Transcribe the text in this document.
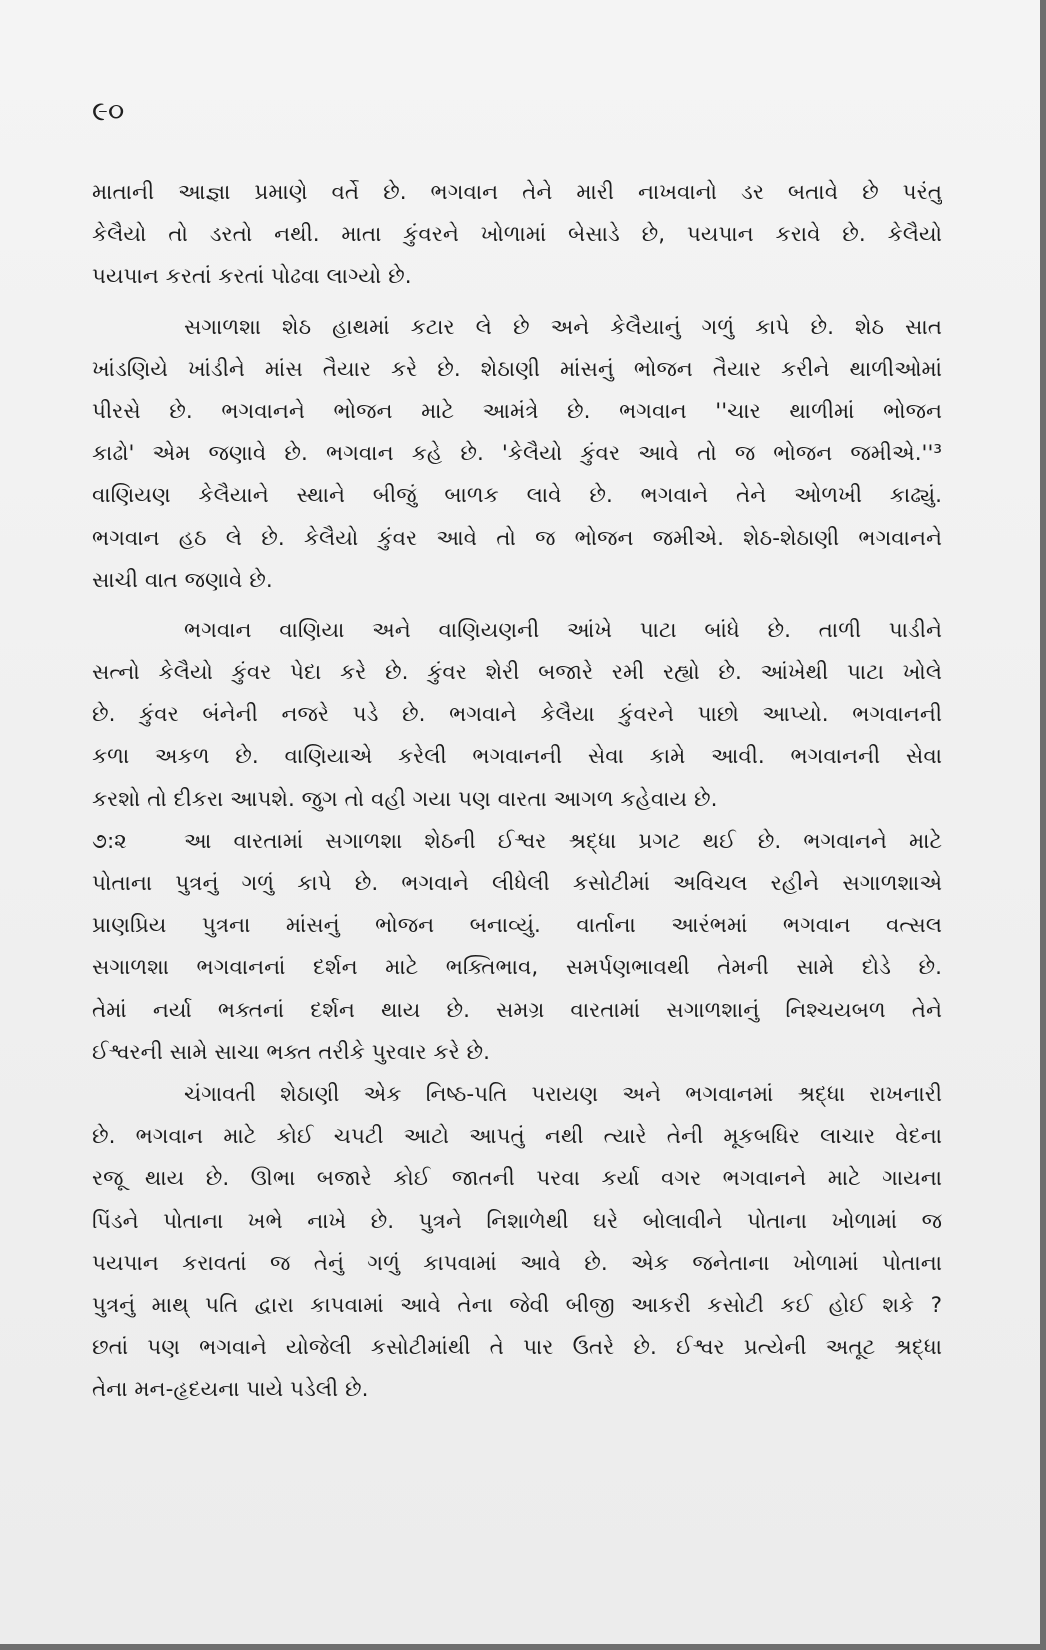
૯૦
માતાની આજ્ઞા પ્રમાણે વર્તે છે. ભગવાન તેને મારી નાખવાનો ડર બતાવે છે પરંતુ
કેલૈયો તો ડરતો નથી. માતા કુંવરને ખોળામાં બેસાડે છે, પયપાન કરાવે છે. કેલૈયો
પયપાન કરતાં કરતાં પોઢવા લાગ્યો છે.
સગાળશા શેઠ હાથમાં કટાર લે છે અને કેલૈયાનું ગળું કાપે છે. શેઠ સાત
ખાંડણિયે ખાંડીને માંસ તૈયાર કરે છે. શેઠાણી માંસનું ભોજન તૈયાર કરીને થાળીઓમાં
પીરસે છે. ભગવાનને ભોજન માટે આમંત્રે છે. ભગવાન ''ચાર થાળીમાં ભોજન
કાઢો' એમ જણાવે છે. ભગવાન કહે છે. 'કેલૈયો કુંવર આવે તો જ ભોજન જમીએ.''³
વાણિયણ કેલૈયાને સ્થાને બીજું બાળક લાવે છે. ભગવાને તેને ઓળખી કાઢ્યું.
ભગવાન હઠ લે છે. કેલૈયો કુંવર આવે તો જ ભોજન જમીએ. શેઠ-શેઠાણી ભગવાનને
સાચી વાત જણાવે છે.
ભગવાન વાણિયા અને વાણિયણની આંખે પાટા બાંધે છે. તાળી પાડીને
સત્નો કેલૈયો કુંવર પેદા કરે છે. કુંવર શેરી બજારે રમી રહ્યો છે. આંખેથી પાટા ખોલે
છે. કુંવર બંનેની નજરે પડે છે. ભગવાને કેલૈયા કુંવરને પાછો આપ્યો. ભગવાનની
કળા અકળ છે. વાણિયાએ કરેલી ભગવાનની સેવા કામે આવી. ભગવાનની સેવા
કરશો તો દીકરા આપશે. જુગ તો વહી ગયા પણ વારતા આગળ કહેવાય છે.
૭:૨	આ વારતામાં સગાળશા શેઠની ઈશ્વર શ્રદ્ધા પ્રગટ થઈ છે. ભગવાનને માટે
પોતાના પુત્રનું ગળું કાપે છે. ભગવાને લીધેલી કસોટીમાં અવિચલ રહીને સગાળશાએ
પ્રાણપ્રિય પુત્રના માંસનું ભોજન બનાવ્યું. વાર્તાના આરંભમાં ભગવાન વત્સલ
સગાળશા ભગવાનનાં દર્શન માટે ભક્તિભાવ, સમર્પણભાવથી તેમની સામે દોડે છે.
તેમાં નર્યા ભક્તનાં દર્શન થાય છે. સમગ્ર વારતામાં સગાળશાનું નિશ્ચયબળ તેને
ઈશ્વરની સામે સાચા ભક્ત તરીકે પુરવાર કરે છે.
ચંગાવતી શેઠાણી એક નિષ્ઠ-પતિ પરાયણ અને ભગવાનમાં શ્રદ્ધા રાખનારી
છે. ભગવાન માટે કોઈ ચપટી આટો આપતું નથી ત્યારે તેની મૂકબધિર લાચાર વેદના
રજૂ થાય છે. ઊભા બજારે કોઈ જાતની પરવા કર્યા વગર ભગવાનને માટે ગાયના
પિંડને પોતાના ખભે નાખે છે. પુત્રને નિશાળેથી ઘરે બોલાવીને પોતાના ખોળામાં જ
પયપાન કરાવતાં જ તેનું ગળું કાપવામાં આવે છે. એક જનેતાના ખોળામાં પોતાના
પુત્રનું માથ્ પતિ દ્વારા કાપવામાં આવે તેના જેવી બીજી આકરી કસોટી કઈ હોઈ શકે ?
છતાં પણ ભગવાને યોજેલી કસોટીમાંથી તે પાર ઉતરે છે. ઈશ્વર પ્રત્યેની અતૂટ શ્રદ્ધા
તેના મન-હૃદયના પાયે પડેલી છે.
